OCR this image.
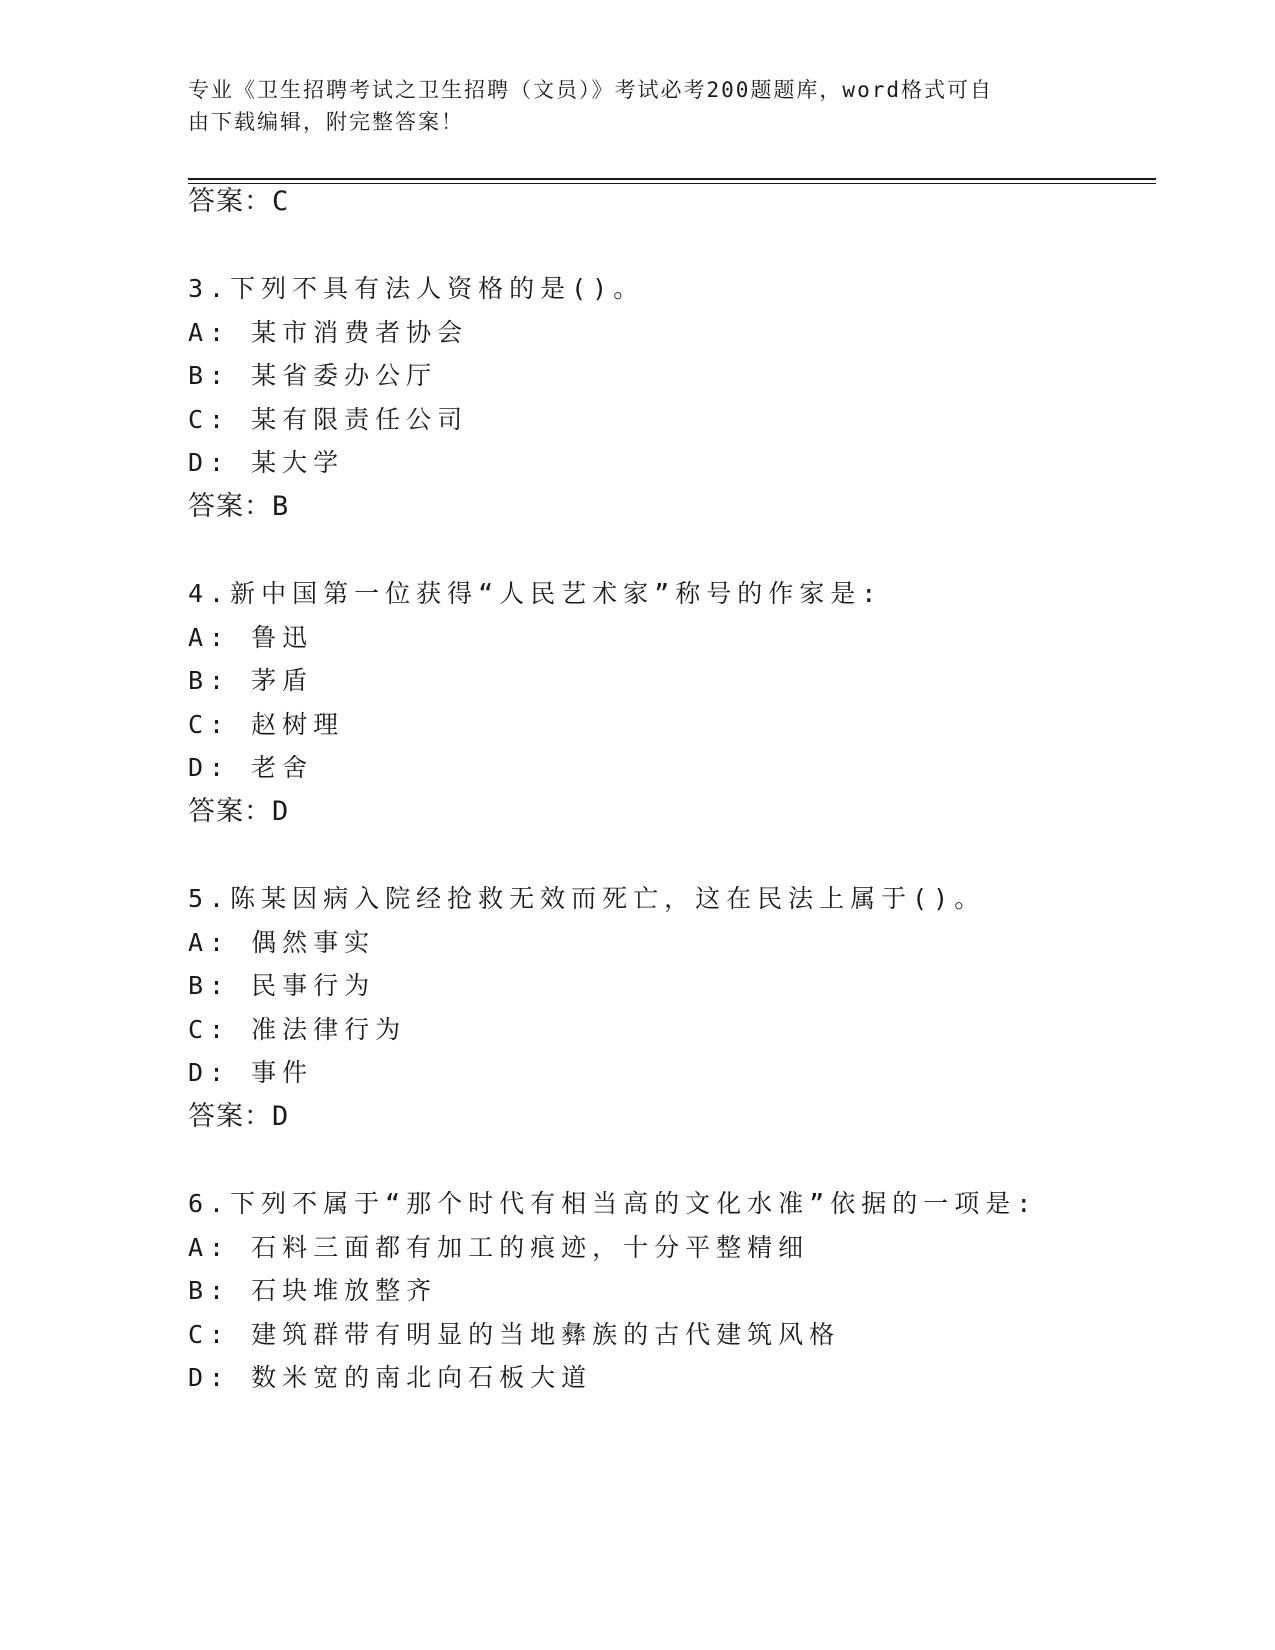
专业《卫生招聘考试之卫生招聘（文员）》考试必考200题题库，word格式可自
由下载编辑，附完整答案！
答案：C
3.下列不具有法人资格的是()。
A: 某市消费者协会
B: 某省委办公厅
C: 某有限责任公司
D: 某大学
答案：B
4.新中国第一位获得“人民艺术家”称号的作家是:
A: 鲁迅
B: 茅盾
C: 赵树理
D: 老舍
答案：D
5.陈某因病入院经抢救无效而死亡，这在民法上属于()。
A: 偶然事实
B: 民事行为
C: 准法律行为
D: 事件
答案：D
6.下列不属于“那个时代有相当高的文化水准”依据的一项是:
A: 石料三面都有加工的痕迹，十分平整精细
B: 石块堆放整齐
C: 建筑群带有明显的当地彝族的古代建筑风格
D: 数米宽的南北向石板大道
